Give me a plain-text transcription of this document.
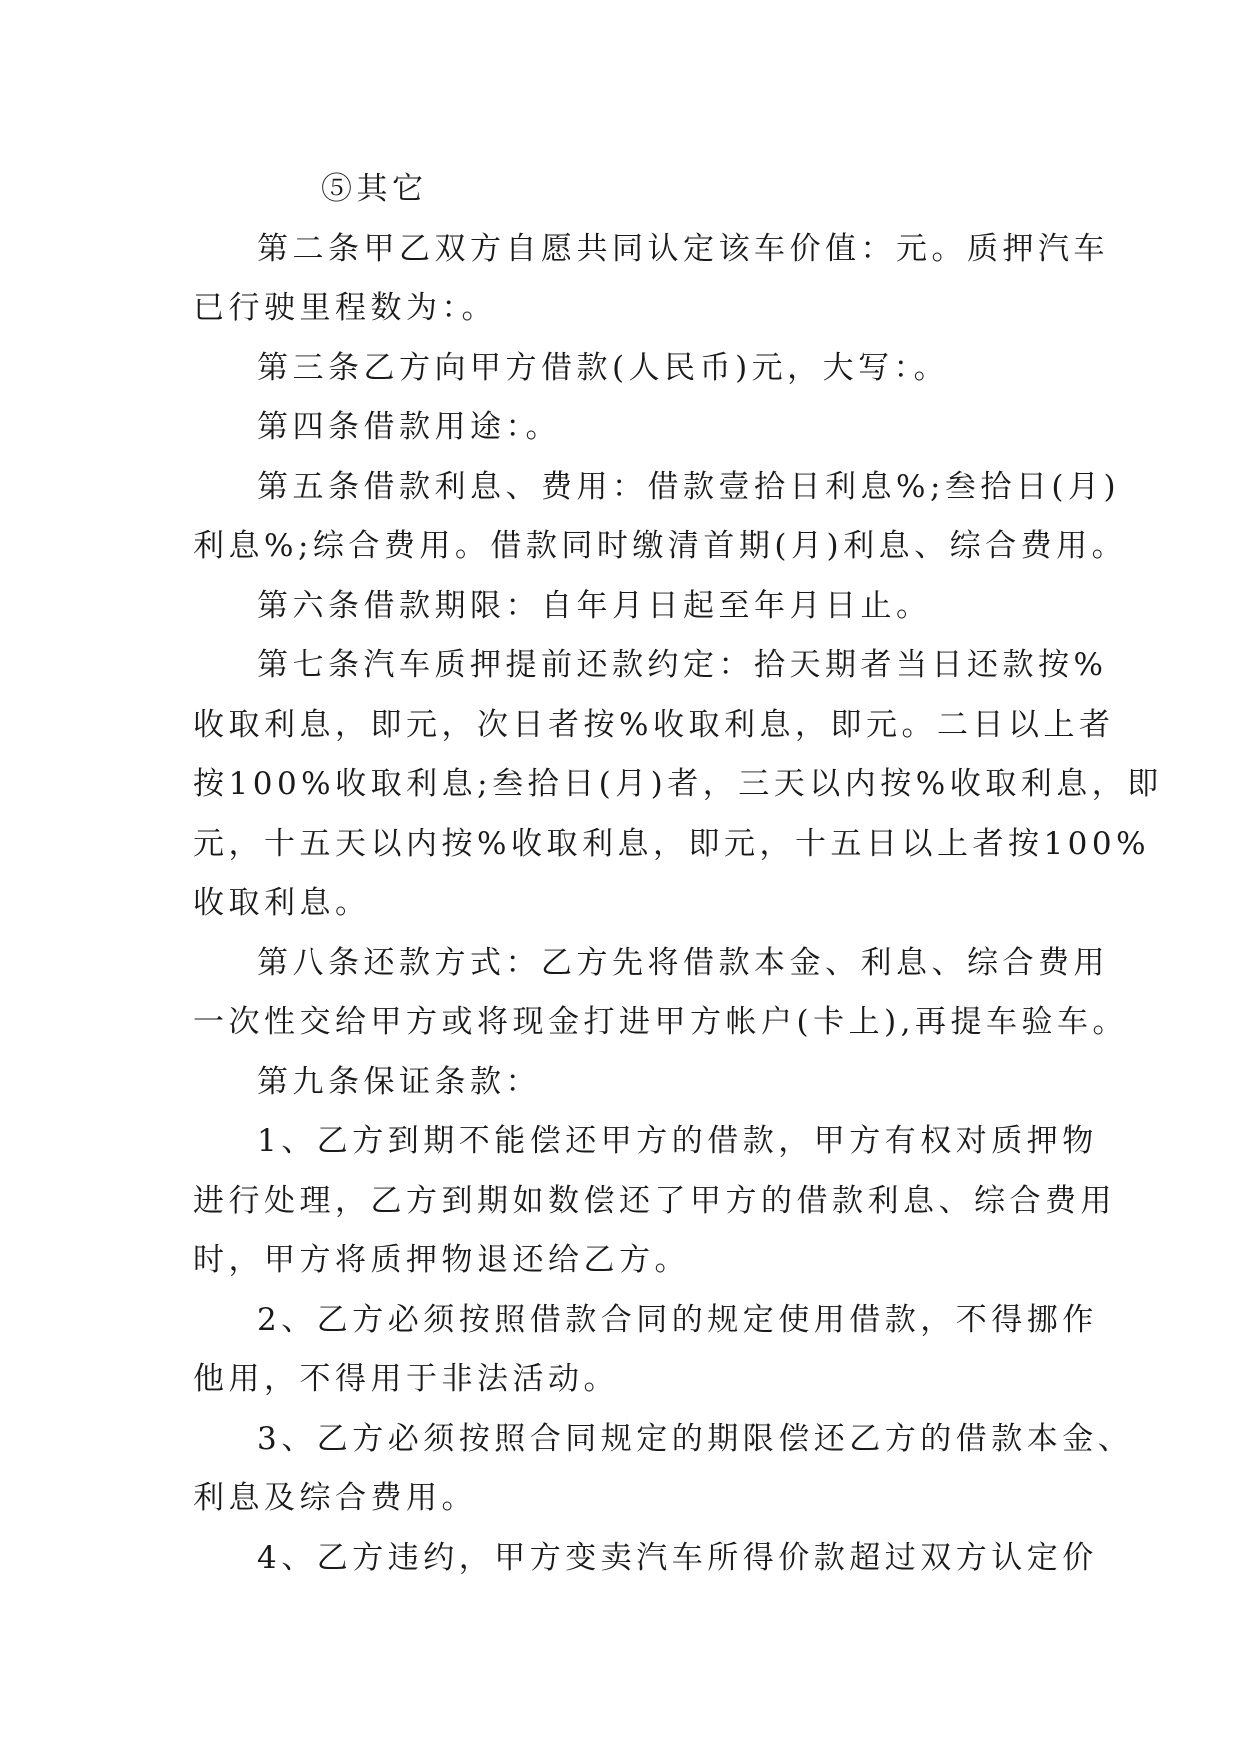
⑤其它
第二条甲乙双方自愿共同认定该车价值：元。质押汽车
已行驶里程数为：。
第三条乙方向甲方借款(人民币)元，大写：。
第四条借款用途：。
第五条借款利息、费用：借款壹拾日利息%;叁拾日(月)
利息%;综合费用。借款同时缴清首期(月)利息、综合费用。
第六条借款期限：自年月日起至年月日止。
第七条汽车质押提前还款约定：拾天期者当日还款按%
收取利息，即元，次日者按%收取利息，即元。二日以上者
按100%收取利息;叁拾日(月)者，三天以内按%收取利息，即
元，十五天以内按%收取利息，即元，十五日以上者按100%
收取利息。
第八条还款方式：乙方先将借款本金、利息、综合费用
一次性交给甲方或将现金打进甲方帐户(卡上),再提车验车。
第九条保证条款：
1、乙方到期不能偿还甲方的借款，甲方有权对质押物
进行处理，乙方到期如数偿还了甲方的借款利息、综合费用
时，甲方将质押物退还给乙方。
2、乙方必须按照借款合同的规定使用借款，不得挪作
他用，不得用于非法活动。
3、乙方必须按照合同规定的期限偿还乙方的借款本金、
利息及综合费用。
4、乙方违约，甲方变卖汽车所得价款超过双方认定价
